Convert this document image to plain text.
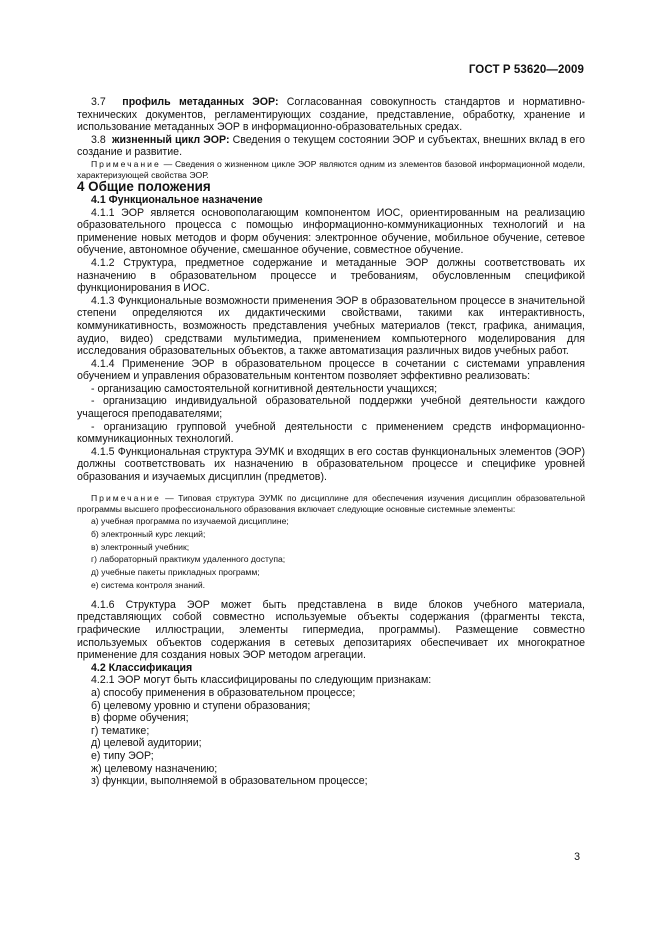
ГОСТ Р 53620—2009

3.7 профиль метаданных ЭОР: Согласованная совокупность стандартов и нормативно-технических документов, регламентирующих создание, представление, обработку, хранение и использование метаданных ЭОР в информационно-образовательных средах.

3.8 жизненный цикл ЭОР: Сведения о текущем состоянии ЭОР и субъектах, внешних вклад в его создание и развитие.

Примечание — Сведения о жизненном цикле ЭОР являются одним из элементов базовой информационной модели, характеризующей свойства ЭОР.

4 Общие положения

4.1 Функциональное назначение

4.1.1 ЭОР является основополагающим компонентом ИОС, ориентированным на реализацию образовательного процесса с помощью информационно-коммуникационных технологий и на применение новых методов и форм обучения: электронное обучение, мобильное обучение, сетевое обучение, автономное обучение, смешанное обучение, совместное обучение.

4.1.2 Структура, предметное содержание и метаданные ЭОР должны соответствовать их назначению в образовательном процессе и требованиям, обусловленным спецификой функционирования в ИОС.

4.1.3 Функциональные возможности применения ЭОР в образовательном процессе в значительной степени определяются их дидактическими свойствами, такими как интерактивность, коммуникативность, возможность представления учебных материалов (текст, графика, анимация, аудио, видео) средствами мультимедиа, применением компьютерного моделирования для исследования образовательных объектов, а также автоматизация различных видов учебных работ.

4.1.4 Применение ЭОР в образовательном процессе в сочетании с системами управления обучением и управления образовательным контентом позволяет эффективно реализовать:

- организацию самостоятельной когнитивной деятельности учащихся;

- организацию индивидуальной образовательной поддержки учебной деятельности каждого учащегося преподавателями;

- организацию групповой учебной деятельности с применением средств информационно-коммуникационных технологий.

4.1.5 Функциональная структура ЭУМК и входящих в его состав функциональных элементов (ЭОР) должны соответствовать их назначению в образовательном процессе и специфике уровней образования и изучаемых дисциплин (предметов).

Примечание — Типовая структура ЭУМК по дисциплине для обеспечения изучения дисциплин образовательной программы высшего профессионального образования включает следующие основные системные элементы:

а) учебная программа по изучаемой дисциплине;

б) электронный курс лекций;

в) электронный учебник;

г) лабораторный практикум удаленного доступа;

д) учебные пакеты прикладных программ;

е) система контроля знаний.

4.1.6 Структура ЭОР может быть представлена в виде блоков учебного материала, представляющих собой совместно используемые объекты содержания (фрагменты текста, графические иллюстрации, элементы гипермедиа, программы). Размещение совместно используемых объектов содержания в сетевых депозитариях обеспечивает их многократное применение для создания новых ЭОР методом агрегации.

4.2 Классификация

4.2.1 ЭОР могут быть классифицированы по следующим признакам:

а) способу применения в образовательном процессе;

б) целевому уровню и ступени образования;

в) форме обучения;

г) тематике;

д) целевой аудитории;

е) типу ЭОР;

ж) целевому назначению;

з) функции, выполняемой в образовательном процессе;

3
